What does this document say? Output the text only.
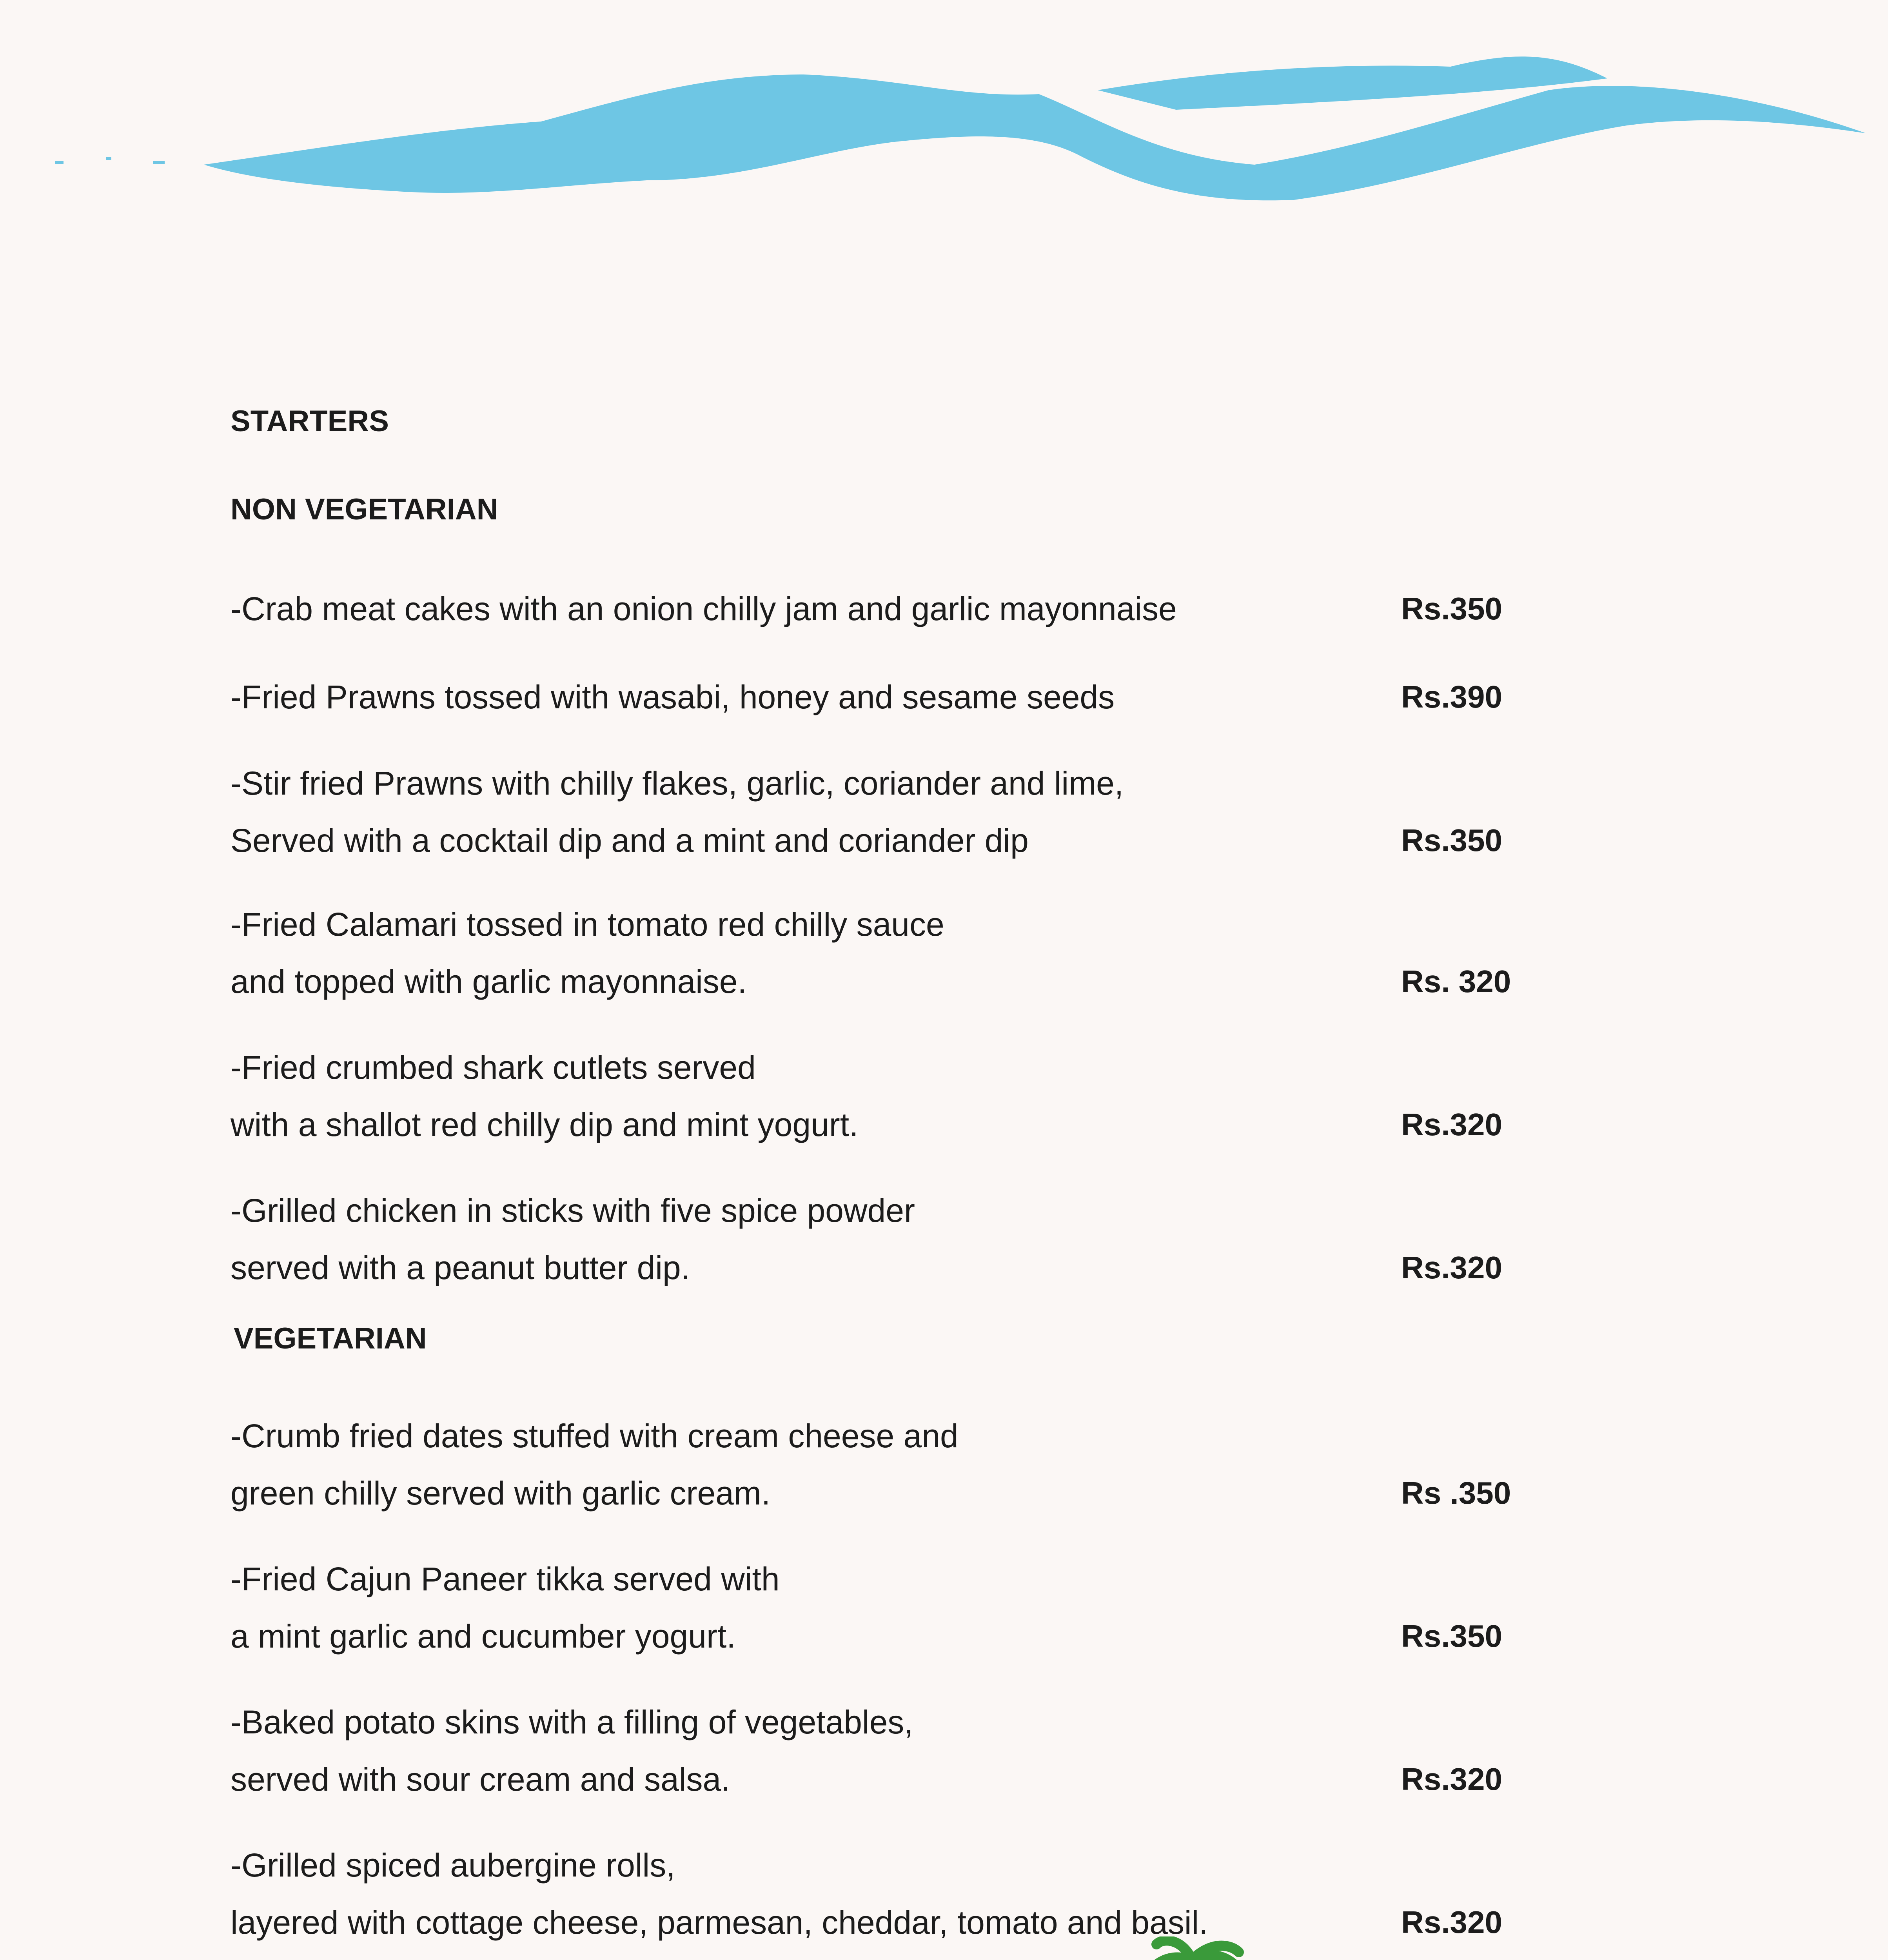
STARTERS
NON VEGETARIAN
-Crab meat cakes with an onion chilly jam and garlic mayonnaise	Rs.350
-Fried Prawns tossed with wasabi, honey and sesame seeds	Rs.390
-Stir fried Prawns with chilly flakes, garlic, coriander and lime,
Served with a cocktail dip and a mint and coriander dip	Rs.350
-Fried Calamari tossed in tomato red chilly sauce
and topped with garlic mayonnaise.	Rs. 320
-Fried crumbed shark cutlets served
with a shallot red chilly dip and mint yogurt.	Rs.320
-Grilled chicken in sticks with five spice powder
served with a peanut butter dip.	Rs.320
VEGETARIAN
-Crumb fried dates stuffed with cream cheese and
green chilly served with garlic cream.	Rs .350
-Fried Cajun Paneer tikka served with
a mint garlic and cucumber yogurt.	Rs.350
-Baked potato skins with a filling of vegetables,
served with sour cream and salsa.	Rs.320
-Grilled spiced aubergine rolls,
layered with cottage cheese, parmesan, cheddar, tomato and basil.	Rs.320
